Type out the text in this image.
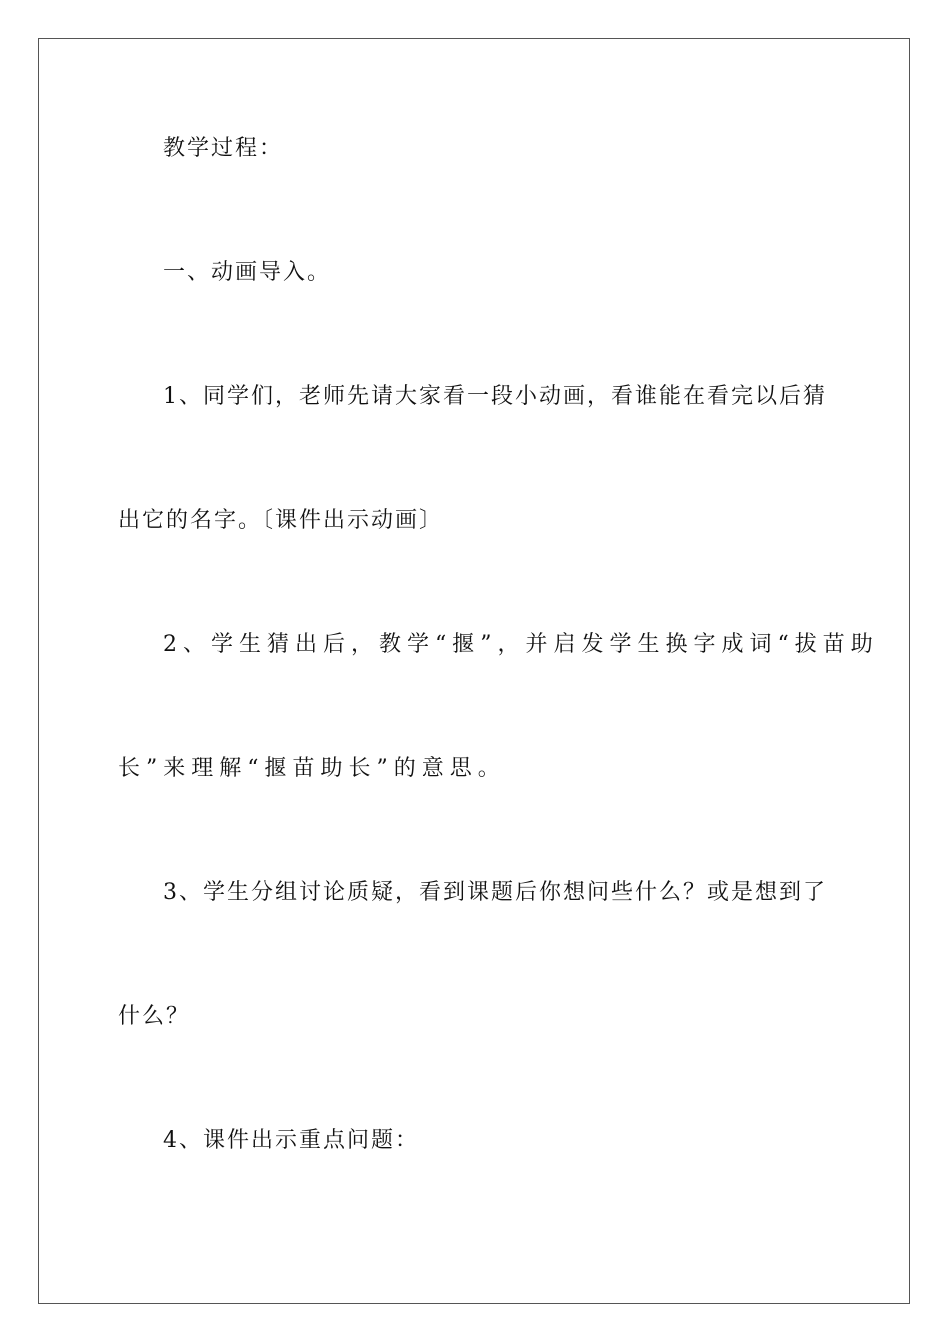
教学过程：
一、动画导入。
1、同学们，老师先请大家看一段小动画，看谁能在看完以后猜
出它的名字。〔课件出示动画〕
2、学生猜出后，教学“揠”，并启发学生换字成词“拔苗助
长”来理解“揠苗助长”的意思。
3、学生分组讨论质疑，看到课题后你想问些什么？或是想到了
什么？
4、课件出示重点问题：
